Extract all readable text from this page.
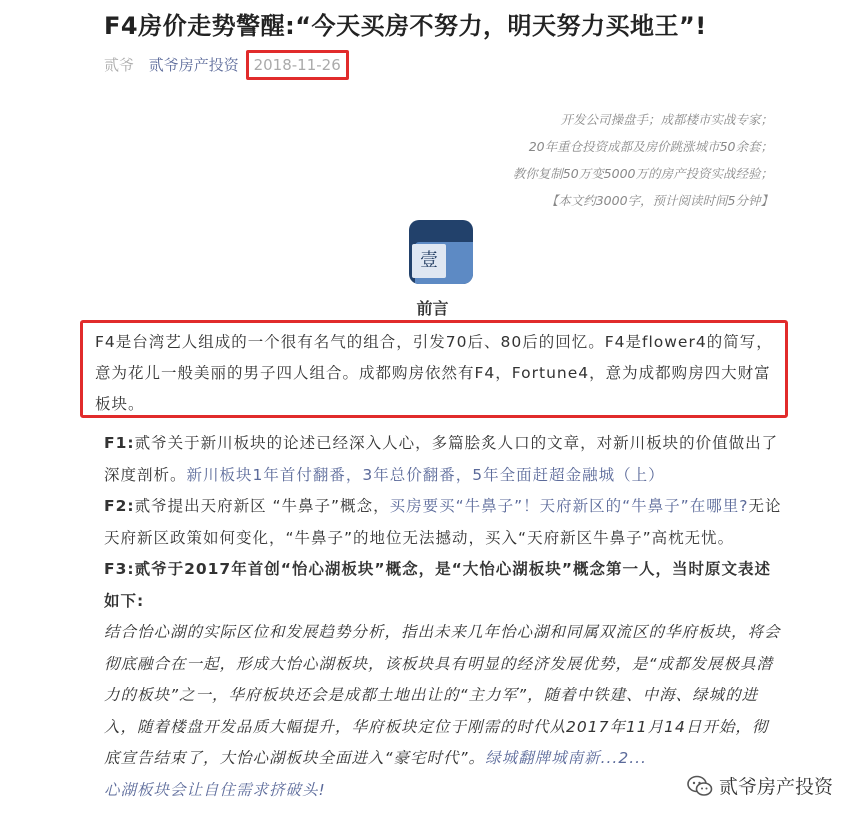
F4房价走势警醒:“今天买房不努力，明天努力买地王”!
贰爷 贰爷房产投资 2018-11-26
开发公司操盘手；成都楼市实战专家；
20年重仓投资成都及房价跳涨城市50余套；
教你复制50万变5000万的房产投资实战经验；
【本文约3000字，预计阅读时间5分钟】
壹
前言

F4是台湾艺人组成的一个很有名气的组合，引发70后、80后的回忆。F4是flower4的简写，意为花儿一般美丽的男子四人组合。成都购房依然有F4，Fortune4，意为成都购房四大财富板块。

F1:贰爷关于新川板块的论述已经深入人心，多篇脍炙人口的文章，对新川板块的价值做出了深度剖析。新川板块1年首付翻番，3年总价翻番，5年全面赶超金融城（上）

F2:贰爷提出天府新区 “牛鼻子”概念，买房要买“牛鼻子”！天府新区的“牛鼻子”在哪里?无论天府新区政策如何变化，“牛鼻子”的地位无法撼动，买入“天府新区牛鼻子”高枕无忧。

F3:贰爷于2017年首创“怡心湖板块”概念，是“大怡心湖板块”概念第一人，当时原文表述如下:

结合怡心湖的实际区位和发展趋势分析，指出未来几年怡心湖和同属双流区的华府板块，将会彻底融合在一起，形成大怡心湖板块，该板块具有明显的经济发展优势，是“成都发展极具潜力的板块”之一，华府板块还会是成都土地出让的“主力军”，随着中铁建、中海、绿城的进入，随着楼盘开发品质大幅提升，华府板块定位于刚需的时代从2017年11月14日开始，彻底宣告结束了，大怡心湖板块全面进入“豪宅时代”。绿城翻牌城南新...2...
心湖板块会让自住需求挤破头!	贰爷房产投资
